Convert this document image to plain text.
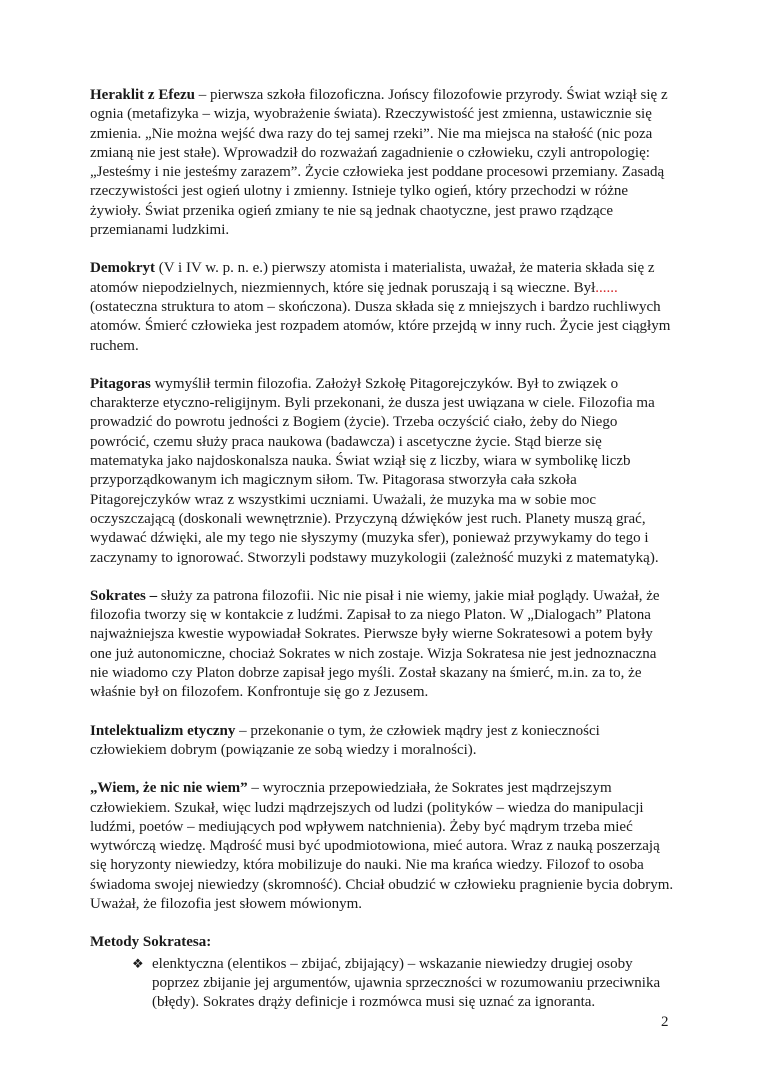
Heraklit z Efezu – pierwsza szkoła filozoficzna. Jońscy filozofowie przyrody. Świat wziął się z ognia (metafizyka – wizja, wyobrażenie świata). Rzeczywistość jest zmienna, ustawicznie się zmienia. „Nie można wejść dwa razy do tej samej rzeki”. Nie ma miejsca na stałość (nic poza zmianą nie jest stałe). Wprowadził do rozważań zagadnienie o człowieku, czyli antropologię: „Jesteśmy i nie jesteśmy zarazem”. Życie człowieka jest poddane procesowi przemiany. Zasadą rzeczywistości jest ogień ulotny i zmienny. Istnieje tylko ogień, który przechodzi w różne żywioły. Świat przenika ogień zmiany te nie są jednak chaotyczne, jest prawo rządzące przemianami ludzkimi.

Demokryt (V i IV w. p. n. e.) pierwszy atomista i materialista, uważał, że materia składa się z atomów niepodzielnych, niezmiennych, które się jednak poruszają i są wieczne. Był...... (ostateczna struktura to atom – skończona). Dusza składa się z mniejszych i bardzo ruchliwych atomów. Śmierć człowieka jest rozpadem atomów, które przejdą w inny ruch. Życie jest ciągłym ruchem.

Pitagoras wymyślił termin filozofia. Założył Szkołę Pitagorejczyków. Był to związek o charakterze etyczno-religijnym. Byli przekonani, że dusza jest uwiązana w ciele. Filozofia ma prowadzić do powrotu jedności z Bogiem (życie). Trzeba oczyścić ciało, żeby do Niego powrócić, czemu służy praca naukowa (badawcza) i ascetyczne życie. Stąd bierze się matematyka jako najdoskonalsza nauka. Świat wziął się z liczby, wiara w symbolikę liczb przyporządkowanym ich magicznym siłom. Tw. Pitagorasa stworzyła cała szkoła Pitagorejczyków wraz z wszystkimi uczniami. Uważali, że muzyka ma w sobie moc oczyszczającą (doskonali wewnętrznie). Przyczyną dźwięków jest ruch. Planety muszą grać, wydawać dźwięki, ale my tego nie słyszymy (muzyka sfer), ponieważ przywykamy do tego i zaczynamy to ignorować. Stworzyli podstawy muzykologii (zależność muzyki z matematyką).

Sokrates – służy za patrona filozofii. Nic nie pisał i nie wiemy, jakie miał poglądy. Uważał, że filozofia tworzy się w kontakcie z ludźmi. Zapisał to za niego Platon. W „Dialogach” Platona najważniejsza kwestie wypowiadał Sokrates. Pierwsze były wierne Sokratesowi a potem były one już autonomiczne, chociaż Sokrates w nich zostaje. Wizja Sokratesa nie jest jednoznaczna nie wiadomo czy Platon dobrze zapisał jego myśli. Został skazany na śmierć, m.in. za to, że właśnie był on filozofem. Konfrontuje się go z Jezusem.

Intelektualizm etyczny – przekonanie o tym, że człowiek mądry jest z konieczności człowiekiem dobrym (powiązanie ze sobą wiedzy i moralności).

„Wiem, że nic nie wiem” – wyrocznia przepowiedziała, że Sokrates jest mądrzejszym człowiekiem. Szukał, więc ludzi mądrzejszych od ludzi (polityków – wiedza do manipulacji ludźmi, poetów – mediujących pod wpływem natchnienia). Żeby być mądrym trzeba mieć wytwórczą wiedzę. Mądrość musi być upodmiotowiona, mieć autora. Wraz z nauką poszerzają się horyzonty niewiedzy, która mobilizuje do nauki. Nie ma krańca wiedzy. Filozof to osoba świadoma swojej niewiedzy (skromność). Chciał obudzić w człowieku pragnienie bycia dobrym. Uważał, że filozofia jest słowem mówionym.

Metody Sokratesa:

❖ elenktyczna (elentikos – zbijać, zbijający) – wskazanie niewiedzy drugiej osoby poprzez zbijanie jej argumentów, ujawnia sprzeczności w rozumowaniu przeciwnika (błędy). Sokrates drąży definicje i rozmówca musi się uznać za ignoranta.
2
